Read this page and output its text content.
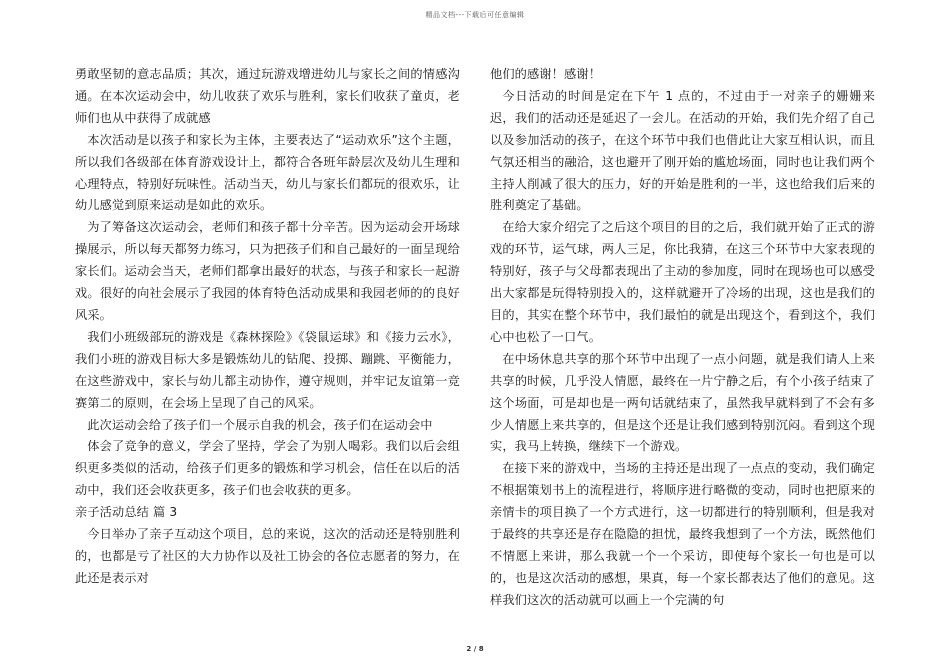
精品文档---下载后可任意编辑

勇敢坚韧的意志品质；其次，通过玩游戏增进幼儿与家长之间的情感沟通。在本次运动会中，幼儿收获了欢乐与胜利，家长们收获了童贞，老师们也从中获得了成就感

本次活动是以孩子和家长为主体，主要表达了“运动欢乐”这个主题，所以我们各级部在体育游戏设计上，都符合各班年龄层次及幼儿生理和心理特点，特别好玩味性。活动当天，幼儿与家长们都玩的很欢乐，让幼儿感觉到原来运动是如此的欢乐。

为了筹备这次运动会，老师们和孩子都十分辛苦。因为运动会开场球操展示，所以每天都努力练习，只为把孩子们和自己最好的一面呈现给家长们。运动会当天，老师们都拿出最好的状态，与孩子和家长一起游戏。很好的向社会展示了我园的体育特色活动成果和我园老师的的良好风采。

我们小班级部玩的游戏是《森林探险》《袋鼠运球》和《接力云水》，我们小班的游戏目标大多是锻炼幼儿的钻爬、投掷、蹦跳、平衡能力，在这些游戏中，家长与幼儿都主动协作，遵守规则，并牢记友谊第一竞赛第二的原则，在会场上呈现了自己的风采。

此次运动会给了孩子们一个展示自我的机会，孩子们在运动会中

体会了竞争的意义，学会了坚持，学会了为别人喝彩。我们以后会组织更多类似的活动，给孩子们更多的锻炼和学习机会，信任在以后的活动中，我们还会收获更多，孩子们也会收获的更多。

亲子活动总结 篇 3

今日举办了亲子互动这个项目，总的来说，这次的活动还是特别胜利的，也都是亏了社区的大力协作以及社工协会的各位志愿者的努力，在此还是表示对

他们的感谢！感谢！

今日活动的时间是定在下午 1 点的，不过由于一对亲子的姗姗来迟，我们的活动还是延迟了一会儿。在活动的开始，我们先介绍了自己以及参加活动的孩子，在这个环节中我们也借此让大家互相认识，而且气氛还相当的融洽，这也避开了刚开始的尴尬场面，同时也让我们两个主持人削减了很大的压力，好的开始是胜利的一半，这也给我们后来的胜利奠定了基础。

在给大家介绍完了之后这个项目的目的之后，我们就开始了正式的游戏的环节，运气球，两人三足，你比我猜，在这三个环节中大家表现的特别好，孩子与父母都表现出了主动的参加度，同时在现场也可以感受出大家都是玩得特别投入的，这样就避开了冷场的出现，这也是我们的目的，其实在整个环节中，我们最怕的就是出现这个，看到这个，我们心中也松了一口气。

在中场休息共享的那个环节中出现了一点小问题，就是我们请人上来共享的时候，几乎没人情愿，最终在一片宁静之后，有个小孩子结束了这个场面，可是却也是一两句话就结束了，虽然我早就料到了不会有多少人情愿上来共享的，但是这个还是让我们感到特别沉闷。看到这个现实，我马上转换，继续下一个游戏。

在接下来的游戏中，当场的主持还是出现了一点点的变动，我们确定不根据策划书上的流程进行，将顺序进行略微的变动，同时也把原来的亲情卡的项目换了一个方式进行，这一切都进行的特别顺利，但是我对于最终的共享还是存在隐隐的担忧，最终我想到了一个方法，既然他们不情愿上来讲，那么我就一个一个采访，即使每个家长一句也是可以的，也是这次活动的感想，果真，每一个家长都表达了他们的意见。这样我们这次的活动就可以画上一个完满的句

2 / 8
